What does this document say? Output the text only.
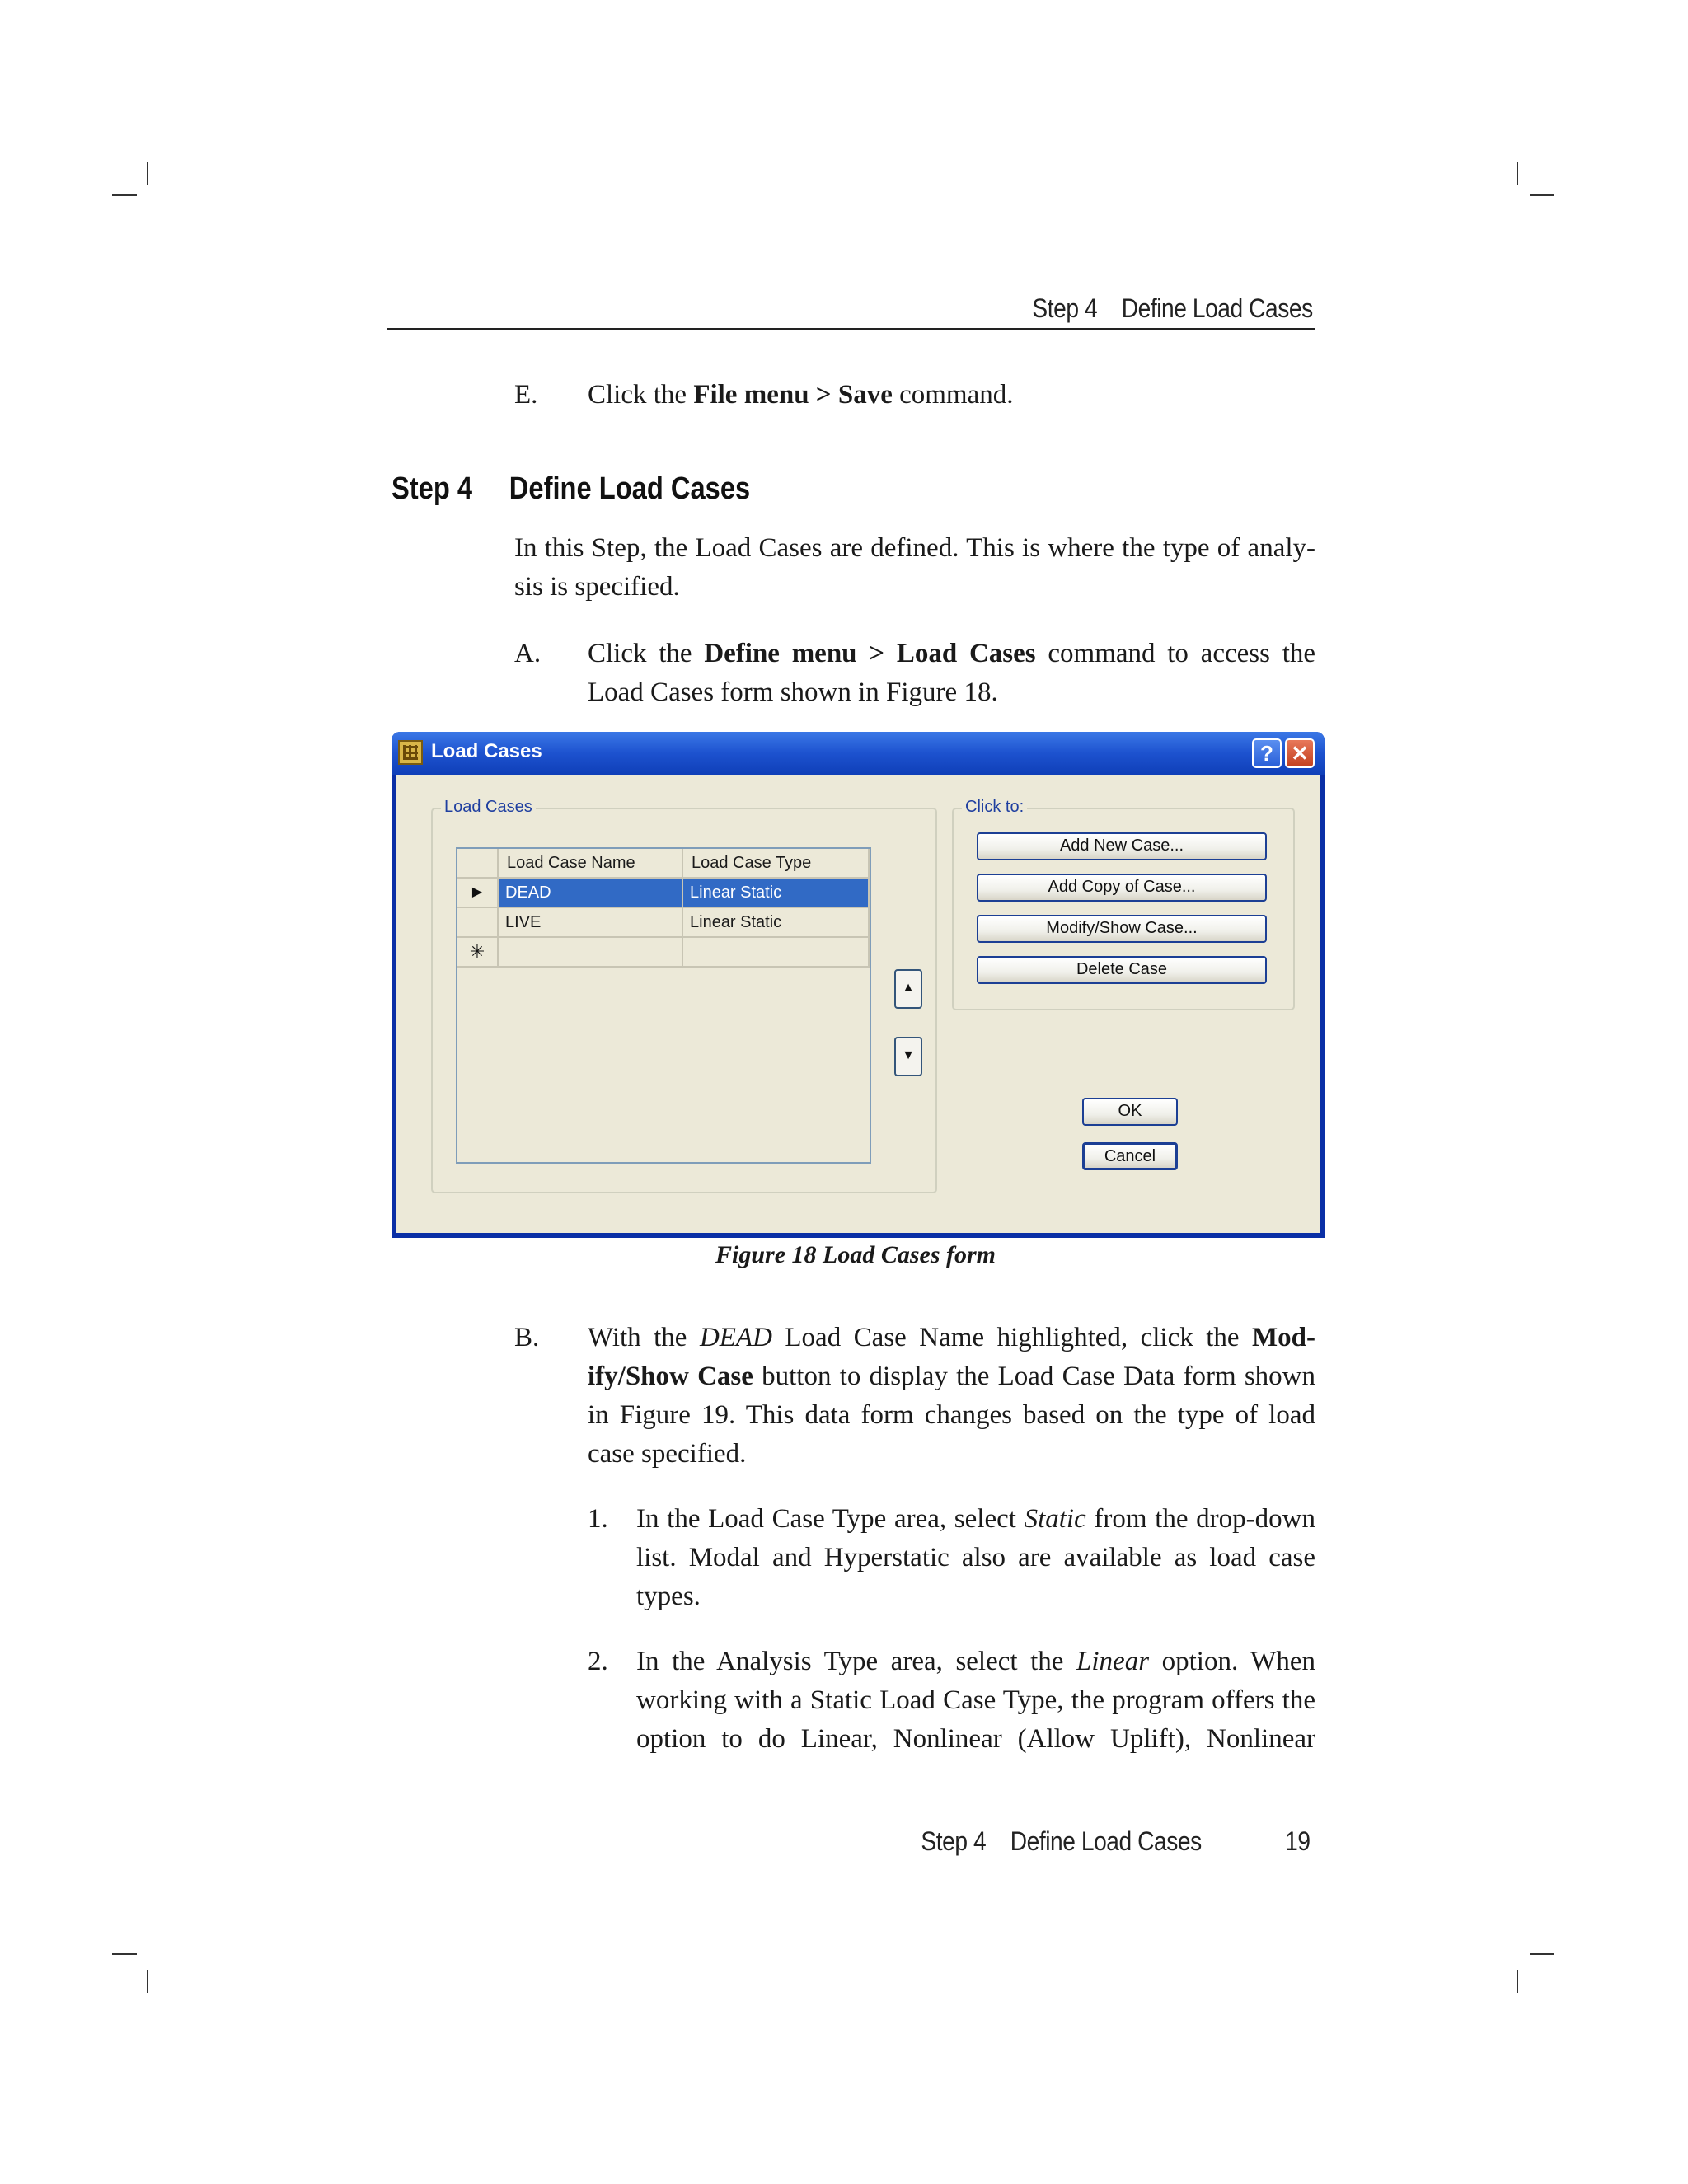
Step 4 Define Load Cases
E. Click the File menu > Save command.
Step 4 Define Load Cases
In this Step, the Load Cases are defined. This is where the type of analy-
sis is specified.
A. Click the Define menu > Load Cases command to access the
Load Cases form shown in Figure 18.
Load Cases	? ✕
Load Cases
Load Case Name	Load Case Type
▶	DEAD	Linear Static
LIVE	Linear Static
✳
▲
▼
Click to:
Add New Case...
Add Copy of Case...
Modify/Show Case...
Delete Case
OK
Cancel
Figure 18 Load Cases form
B. With the DEAD Load Case Name highlighted, click the Mod-
ify/Show Case button to display the Load Case Data form shown
in Figure 19. This data form changes based on the type of load
case specified.
1. In the Load Case Type area, select Static from the drop-down
list. Modal and Hyperstatic also are available as load case
types.
2. In the Analysis Type area, select the Linear option. When
working with a Static Load Case Type, the program offers the
option to do Linear, Nonlinear (Allow Uplift), Nonlinear
Step 4 Define Load Cases	19
